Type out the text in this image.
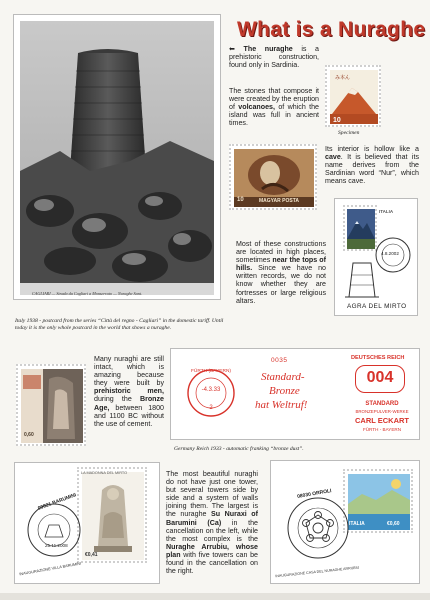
What is a Nuraghe
CAGLIARI — Strada da Cagliari a Monserrato — Nuraghe Sant.
Italy 1938 - postcard from the series “Città del regno - Cagliari” in the domestic tariff. Until today it is the only whole postcard in the world that shows a nuraghe.
⬅ The nuraghe is a prehistoric construction, found only in Sardinia.
The stones that compose it were created by the eruption of volcanoes, of which the island was full in ancient times.
み本ん
10
Specimen
MAGYAR POSTA
10
Its interior is hollow like a cave. It is believed that its name derives from the Sardinian word “Nur”, which means cave.
ITALIA
4.8.2002
AGRA DEL MIRTO
Most of these constructions are located in high places, sometimes near the tops of hills. Since we have no written records, we do not know whether they are fortresses or large religious altars.
0,60
Many nuraghi are still intact, which is amazing because they were built by prehistoric men, during the Bronze Age, between 1800 and 1100 BC without the use of cement.
FÜRTH (BAYERN)
-4.3.33
2
0035
Standard-
Bronze
hat Weltruf!
DEUTSCHES REICH
004
STANDARD
BRONZEPULVER-WERKE
CARL ECKART
FÜRTH - BAYERN
Germany Reich 1933 - automatic franking “bronze dust”.
LA MADONNA DEL MIRTO
€0,41
09021 BARUMINI
25.11.2008
INAUGURAZIONE VILLA BARUMINI
The most beautiful nuraghi do not have just one tower, but several towers side by side and a system of walls joining them. The largest is the nuraghe Su Nuraxi of Barumini (Ca) in the cancellation on the left, while the most complex is the Nuraghe Arrubiu, whose plan with five towers can be found in the cancellation on the right.
ITALIA	€0,60
08030 ORROLI
INAUGURAZIONE CASA DEL NURAGHE ARRUBIU
